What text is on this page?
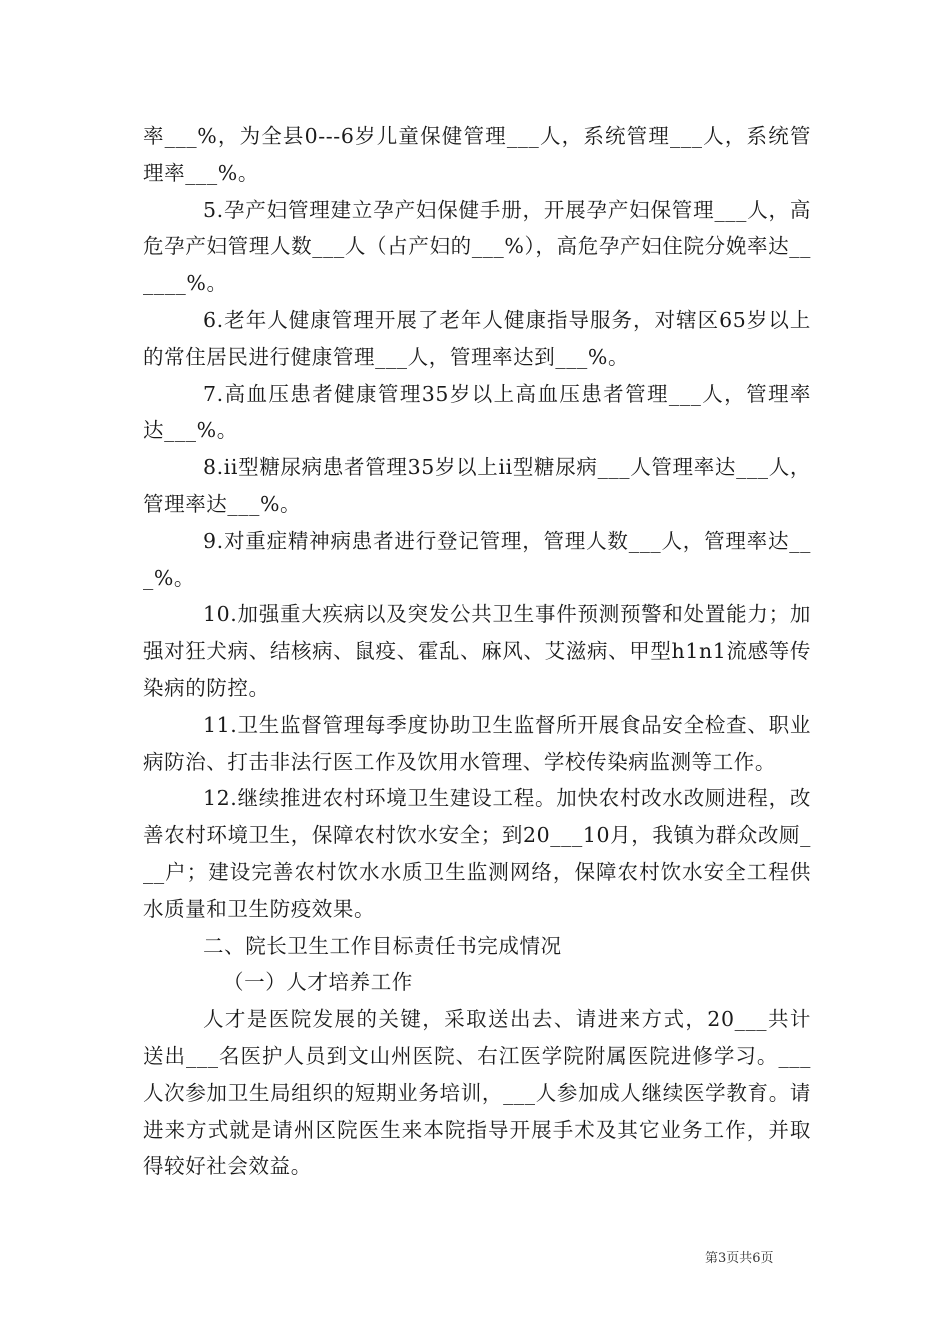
率___%，为全县0---6岁儿童保健管理___人，系统管理___人，系统管理率___%。

5.孕产妇管理建立孕产妇保健手册，开展孕产妇保管理___人，高危孕产妇管理人数___人（占产妇的___%），高危孕产妇住院分娩率达______%。

6.老年人健康管理开展了老年人健康指导服务，对辖区65岁以上的常住居民进行健康管理___人，管理率达到___%。

7.高血压患者健康管理35岁以上高血压患者管理___人，管理率达___%。

8.ii型糖尿病患者管理35岁以上ii型糖尿病___人管理率达___人，管理率达___%。

9.对重症精神病患者进行登记管理，管理人数___人，管理率达___%。

10.加强重大疾病以及突发公共卫生事件预测预警和处置能力；加强对狂犬病、结核病、鼠疫、霍乱、麻风、艾滋病、甲型h1n1流感等传染病的防控。

11.卫生监督管理每季度协助卫生监督所开展食品安全检查、职业病防治、打击非法行医工作及饮用水管理、学校传染病监测等工作。

12.继续推进农村环境卫生建设工程。加快农村改水改厕进程，改善农村环境卫生，保障农村饮水安全；到20___10月，我镇为群众改厕___户；建设完善农村饮水水质卫生监测网络，保障农村饮水安全工程供水质量和卫生防疫效果。

二、院长卫生工作目标责任书完成情况

（一）人才培养工作

人才是医院发展的关键，采取送出去、请进来方式，20___共计送出___名医护人员到文山州医院、右江医学院附属医院进修学习。___人次参加卫生局组织的短期业务培训，___人参加成人继续医学教育。请进来方式就是请州区院医生来本院指导开展手术及其它业务工作，并取得较好社会效益。

第3页共6页
